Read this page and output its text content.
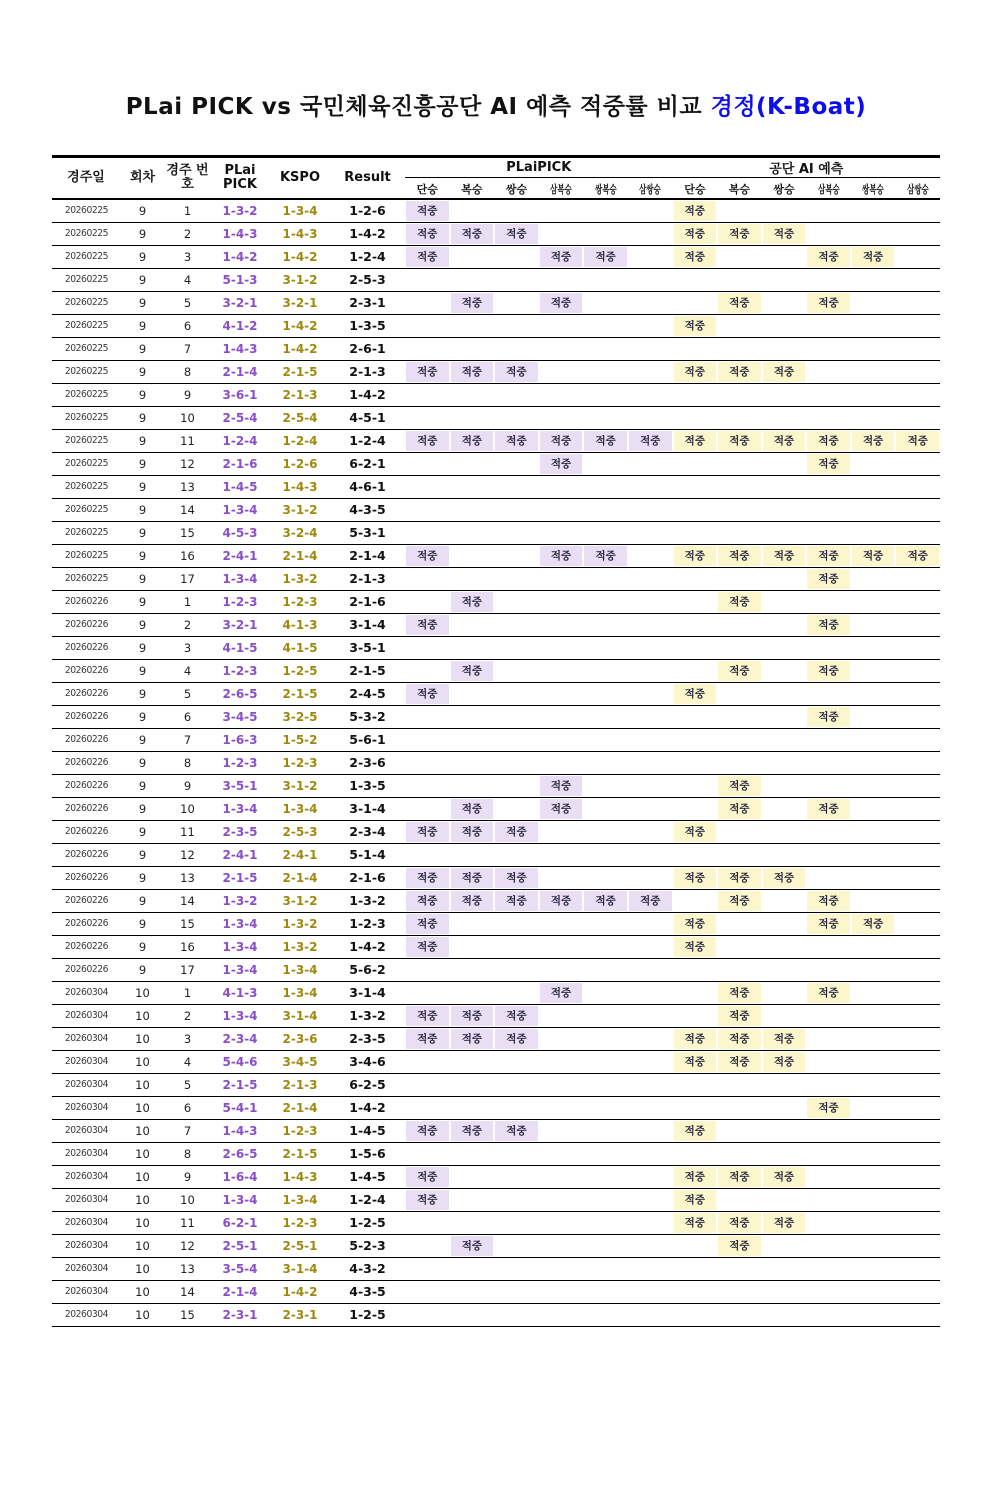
PLai PICK vs 국민체육진흥공단 AI 예측 적중률 비교 경정(K-Boat)
경주일	회차	경주 번호	PLai PICK	KSPO	Result	PLaiPICK						공단 AI 예측					
						단승	복승	쌍승	삼복승	쌍복승	삼쌍승	단승	복승	쌍승	삼복승	쌍복승	삼쌍승
20260225	9	1	1-3-2	1-3-4	1-2-6	적중						적중					

20260225	9	2	1-4-3	1-4-3	1-4-2	적중	적중	적중				적중	적중	적중			

20260225	9	3	1-4-2	1-4-2	1-2-4	적중			적중	적중		적중			적중	적중	

20260225	9	4	5-1-3	3-1-2	2-5-3												
20260225	9	5	3-2-1	3-2-1	2-3-1		적중		적중				적중		적중		

20260225	9	6	4-1-2	1-4-2	1-3-5							적중					

20260225	9	7	1-4-3	1-4-2	2-6-1												
20260225	9	8	2-1-4	2-1-5	2-1-3	적중	적중	적중				적중	적중	적중			

20260225	9	9	3-6-1	2-1-3	1-4-2												
20260225	9	10	2-5-4	2-5-4	4-5-1												
20260225	9	11	1-2-4	1-2-4	1-2-4	적중	적중	적중	적중	적중	적중	적중	적중	적중	적중	적중	적중

20260225	9	12	2-1-6	1-2-6	6-2-1				적중						적중		

20260225	9	13	1-4-5	1-4-3	4-6-1												
20260225	9	14	1-3-4	3-1-2	4-3-5												
20260225	9	15	4-5-3	3-2-4	5-3-1												
20260225	9	16	2-4-1	2-1-4	2-1-4	적중			적중	적중		적중	적중	적중	적중	적중	적중

20260225	9	17	1-3-4	1-3-2	2-1-3										적중		

20260226	9	1	1-2-3	1-2-3	2-1-6		적중						적중				

20260226	9	2	3-2-1	4-1-3	3-1-4	적중									적중		

20260226	9	3	4-1-5	4-1-5	3-5-1												
20260226	9	4	1-2-3	1-2-5	2-1-5		적중						적중		적중		

20260226	9	5	2-6-5	2-1-5	2-4-5	적중						적중					

20260226	9	6	3-4-5	3-2-5	5-3-2										적중		

20260226	9	7	1-6-3	1-5-2	5-6-1												
20260226	9	8	1-2-3	1-2-3	2-3-6												
20260226	9	9	3-5-1	3-1-2	1-3-5				적중				적중				

20260226	9	10	1-3-4	1-3-4	3-1-4		적중		적중				적중		적중		

20260226	9	11	2-3-5	2-5-3	2-3-4	적중	적중	적중				적중					

20260226	9	12	2-4-1	2-4-1	5-1-4												
20260226	9	13	2-1-5	2-1-4	2-1-6	적중	적중	적중				적중	적중	적중			

20260226	9	14	1-3-2	3-1-2	1-3-2	적중	적중	적중	적중	적중	적중		적중		적중		

20260226	9	15	1-3-4	1-3-2	1-2-3	적중						적중			적중	적중	

20260226	9	16	1-3-4	1-3-2	1-4-2	적중						적중					

20260226	9	17	1-3-4	1-3-4	5-6-2												
20260304	10	1	4-1-3	1-3-4	3-1-4				적중				적중		적중		

20260304	10	2	1-3-4	3-1-4	1-3-2	적중	적중	적중					적중				

20260304	10	3	2-3-4	2-3-6	2-3-5	적중	적중	적중				적중	적중	적중			

20260304	10	4	5-4-6	3-4-5	3-4-6							적중	적중	적중			

20260304	10	5	2-1-5	2-1-3	6-2-5												
20260304	10	6	5-4-1	2-1-4	1-4-2										적중		

20260304	10	7	1-4-3	1-2-3	1-4-5	적중	적중	적중				적중					

20260304	10	8	2-6-5	2-1-5	1-5-6												
20260304	10	9	1-6-4	1-4-3	1-4-5	적중						적중	적중	적중			

20260304	10	10	1-3-4	1-3-4	1-2-4	적중						적중					

20260304	10	11	6-2-1	1-2-3	1-2-5							적중	적중	적중			

20260304	10	12	2-5-1	2-5-1	5-2-3		적중						적중				

20260304	10	13	3-5-4	3-1-4	4-3-2												
20260304	10	14	2-1-4	1-4-2	4-3-5												
20260304	10	15	2-3-1	2-3-1	1-2-5												
